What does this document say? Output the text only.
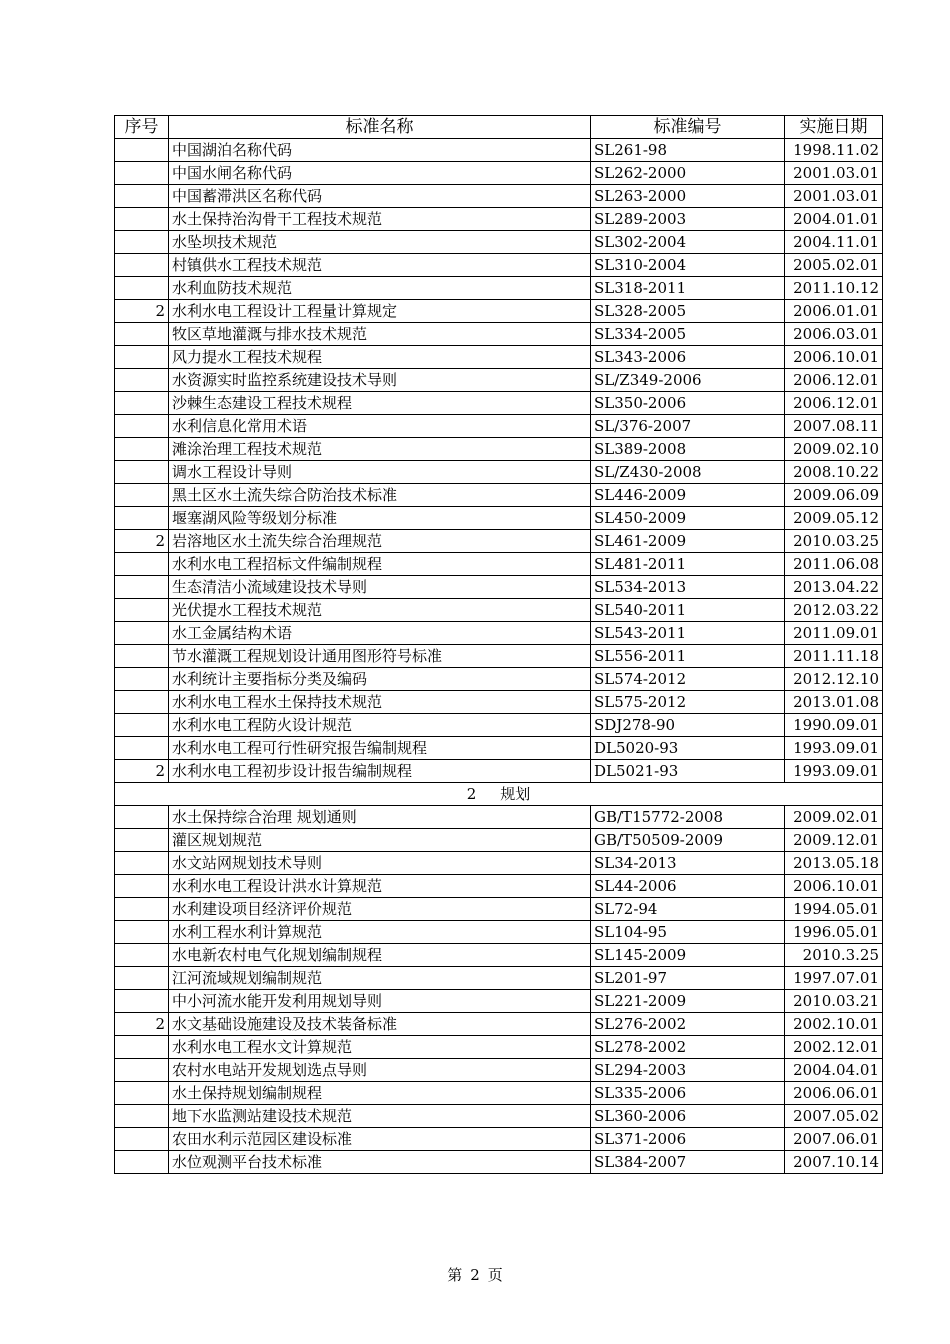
序号	标准名称	标准编号	实施日期
	中国湖泊名称代码	SL261-98	1998.11.02
	中国水闸名称代码	SL262-2000	2001.03.01
	中国蓄滞洪区名称代码	SL263-2000	2001.03.01
	水土保持治沟骨干工程技术规范	SL289-2003	2004.01.01
	水坠坝技术规范	SL302-2004	2004.11.01
	村镇供水工程技术规范	SL310-2004	2005.02.01
	水利血防技术规范	SL318-2011	2011.10.12
2	水利水电工程设计工程量计算规定	SL328-2005	2006.01.01
	牧区草地灌溉与排水技术规范	SL334-2005	2006.03.01
	风力提水工程技术规程	SL343-2006	2006.10.01
	水资源实时监控系统建设技术导则	SL/Z349-2006	2006.12.01
	沙棘生态建设工程技术规程	SL350-2006	2006.12.01
	水利信息化常用术语	SL/376-2007	2007.08.11
	滩涂治理工程技术规范	SL389-2008	2009.02.10
	调水工程设计导则	SL/Z430-2008	2008.10.22
	黑土区水土流失综合防治技术标准	SL446-2009	2009.06.09
	堰塞湖风险等级划分标准	SL450-2009	2009.05.12
2	岩溶地区水土流失综合治理规范	SL461-2009	2010.03.25
	水利水电工程招标文件编制规程	SL481-2011	2011.06.08
	生态清洁小流域建设技术导则	SL534-2013	2013.04.22
	光伏提水工程技术规范	SL540-2011	2012.03.22
	水工金属结构术语	SL543-2011	2011.09.01
	节水灌溉工程规划设计通用图形符号标准	SL556-2011	2011.11.18
	水利统计主要指标分类及编码	SL574-2012	2012.12.10
	水利水电工程水土保持技术规范	SL575-2012	2013.01.08
	水利水电工程防火设计规范	SDJ278-90	1990.09.01
	水利水电工程可行性研究报告编制规程	DL5020-93	1993.09.01
2	水利水电工程初步设计报告编制规程	DL5021-93	1993.09.01
2 规划			
	水土保持综合治理 规划通则	GB/T15772-2008	2009.02.01
	灌区规划规范	GB/T50509-2009	2009.12.01
	水文站网规划技术导则	SL34-2013	2013.05.18
	水利水电工程设计洪水计算规范	SL44-2006	2006.10.01
	水利建设项目经济评价规范	SL72-94	1994.05.01
	水利工程水利计算规范	SL104-95	1996.05.01
	水电新农村电气化规划编制规程	SL145-2009	2010.3.25
	江河流域规划编制规范	SL201-97	1997.07.01
	中小河流水能开发利用规划导则	SL221-2009	2010.03.21
2	水文基础设施建设及技术装备标准	SL276-2002	2002.10.01
	水利水电工程水文计算规范	SL278-2002	2002.12.01
	农村水电站开发规划选点导则	SL294-2003	2004.04.01
	水土保持规划编制规程	SL335-2006	2006.06.01
	地下水监测站建设技术规范	SL360-2006	2007.05.02
	农田水利示范园区建设标准	SL371-2006	2007.06.01
	水位观测平台技术标准	SL384-2007	2007.10.14
第 2 页
